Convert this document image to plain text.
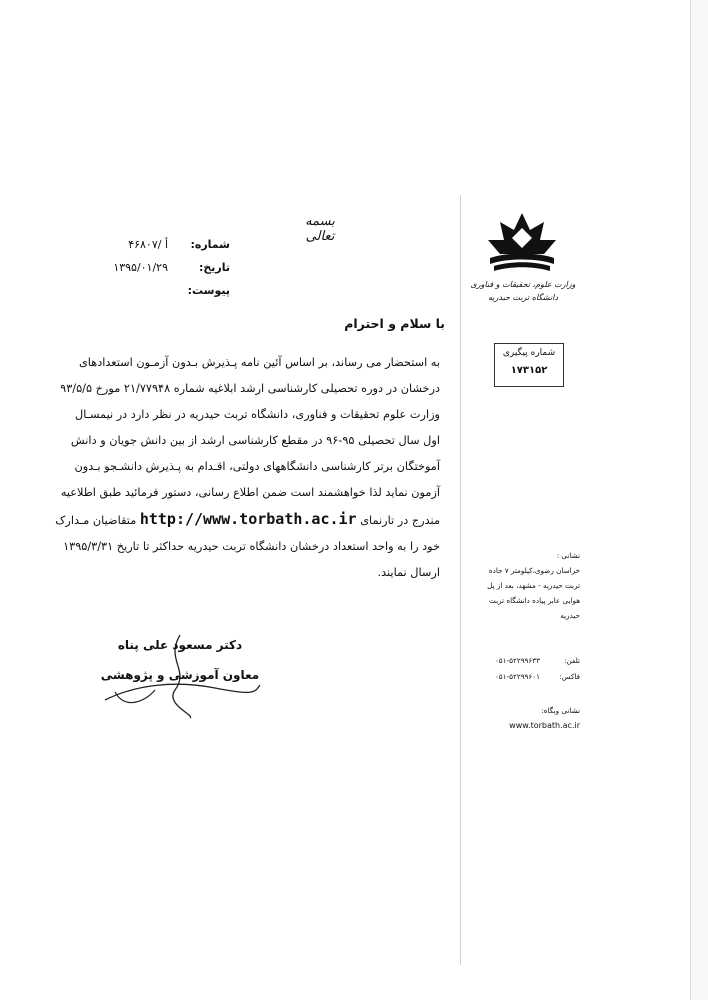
بسمه تعالی
شماره:
۴۶۸۰۷/ أ
تاریخ:
۱۳۹۵/۰۱/۲۹
پیوست:
با سلام و احترام
به استحضار می رساند، بر اساس آئین نامه پـذیرش بـدون آزمـون استعدادهای
درخشان در دوره تحصیلی کارشناسی ارشد ابلاغیه شماره ۲۱/۷۷۹۴۸ مورخ ۹۳/۵/۵
وزارت علوم تحقیقات و فناوری، دانشگاه تربت حیدریه در نظر دارد در نیمسـال
اول سال تحصیلی ۹۵-۹۶ در مقطع کارشناسی ارشد از بین دانش جویان و دانش
آموختگان برتر کارشناسی دانشگاههای دولتی، اقـدام به پـذیرش دانشـجو بـدون
آزمون نماید لذا خواهشمند است ضمن اطلاع رسانی، دستور فرمائید طبق اطلاعیه
مندرج در تارنمای http://www.torbath.ac.ir متقاضیان مـدارک
خود را به واحد استعداد درخشان دانشگاه تربت حیدریه حداکثر تا تاریخ ۱۳۹۵/۳/۳۱
ارسال نمایند.
دکتر مسعود علی پناه
معاون آموزشی و پژوهشی
وزارت علوم، تحقیقات و فناوری
دانشگاه تربت حیدریه
شماره پیگیری
۱۷۳۱۵۲
نشانی :
خراسان رضوی،کیلومتر ۷ جاده
تربت حیدریه - مشهد، بعد از پل
هوایی عابر پیاده دانشگاه تربت
حیدریه
تلفن:
۰۵۱-۵۲۲۹۹۶۳۳
فاکس:
۰۵۱-۵۲۲۹۹۶۰۱
نشانی وبگاه:
www.torbath.ac.ir
